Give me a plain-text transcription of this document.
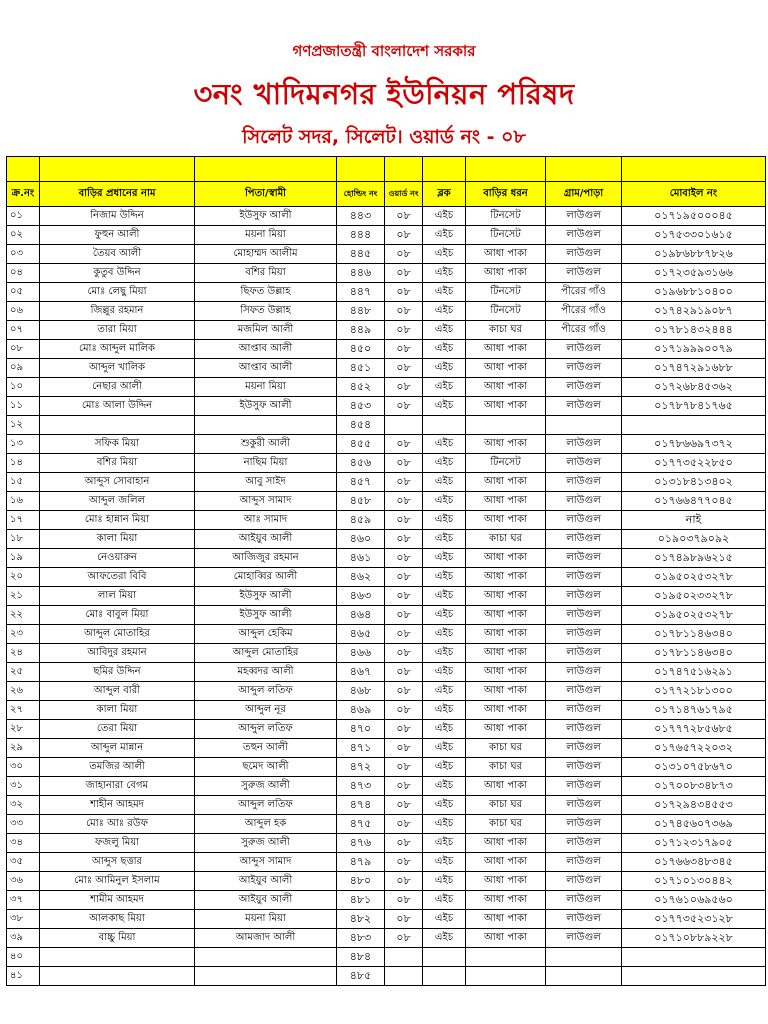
গণপ্রজাতন্ত্রী বাংলাদেশ সরকার
৩নং খাদিমনগর ইউনিয়ন পরিষদ
সিলেট সদর, সিলেট। ওয়ার্ড নং - ০৮

ক্র.নং	বাড়ির প্রধানের নাম	পিতা/স্বামী	হোল্ডিং নং	ওয়ার্ড নং	ব্লক	বাড়ির ধরন	গ্রাম/পাড়া	মোবাইল নং
০১	নিজাম উদ্দিন	ইউসুফ আলী	৪৪৩	০৮	এইচ	টিনসেট	লাউগুল	০১৭১৯৫০০০৪৫
০২	ফুহুন আলী	ময়না মিয়া	৪৪৪	০৮	এইচ	টিনসেট	লাউগুল	০১৭৫৩৩০১৬১৫
০৩	তৈয়ব আলী	মোহাম্মদ আলীম	৪৪৫	০৮	এইচ	আধা পাকা	লাউগুল	০১৯৮৬৮৮৭৮২৬
০৪	কুতুব উদ্দিন	বশির মিয়া	৪৪৬	০৮	এইচ	আধা পাকা	লাউগুল	০১৭২৩৫৯৩১৬৬
০৫	মোঃ লেছু মিয়া	ছিফত উল্লাহ	৪৪৭	০৮	এইচ	টিনসেট	পীরের গাঁও	০১৯৬৮৮১০৪০০
০৬	জিল্লুর রহমান	সিফত উল্লাহ	৪৪৮	০৮	এইচ	টিনসেট	পীরের গাঁও	০১৭৪২৯১৯০৮৭
০৭	তারা মিয়া	মজমিল আলী	৪৪৯	০৮	এইচ	কাচা ঘর	পীরের গাঁও	০১৭৮১৪৩২৪৪৪
০৮	মোঃ আব্দুল মালিক	আপ্তাব আলী	৪৫০	০৮	এইচ	আধা পাকা	লাউগুল	০১৭১৯৯৯০০৭৯
০৯	আব্দুল খালিক	আপ্তাব আলী	৪৫১	০৮	এইচ	আধা পাকা	লাউগুল	০১৭৪৭২৯১৬৮৮
১০	নেছার আলী	ময়না মিয়া	৪৫২	০৮	এইচ	আধা পাকা	লাউগুল	০১৭২৬৮৪৫৩৬২
১১	মোঃ আলা উদ্দিন	ইউসুফ আলী	৪৫৩	০৮	এইচ	আধা পাকা	লাউগুল	০১৭৮৭৮৪১৭৬৫
১২			৪৫৪					
১৩	সফিক মিয়া	শুকুরী আলী	৪৫৫	০৮	এইচ	আধা পাকা	লাউগুল	০১৭৮৬৬৯৭৩৭২
১৪	বশির মিয়া	নাছিম মিয়া	৪৫৬	০৮	এইচ	টিনসেট	লাউগুল	০১৭৭৩৫২২৮৫০
১৫	আব্দুস সোবাহান	আবু সাইদ	৪৫৭	০৮	এইচ	আধা পাকা	লাউগুল	০১৩১৮৪১৩৪০২
১৬	আব্দুল জলিল	আব্দুস সামাদ	৪৫৮	০৮	এইচ	আধা পাকা	লাউগুল	০১৭৬৬৪৭৭০৪৫
১৭	মোঃ হান্নান মিয়া	আঃ সামাদ	৪৫৯	০৮	এইচ	আধা পাকা	লাউগুল	নাই
১৮	কালা মিয়া	আইয়ুব আলী	৪৬০	০৮	এইচ	কাচা ঘর	লাউগুল	০১৯০৩৭৯০৯২
১৯	নেওয়ারুন	আজিজুর রহমান	৪৬১	০৮	এইচ	আধা পাকা	লাউগুল	০১৭৪৯৮৯৬২১৫
২০	আফতেরা বিবি	মোহাব্বির আলী	৪৬২	০৮	এইচ	আধা পাকা	লাউগুল	০১৯৫০২৫৩২৭৮
২১	লাল মিয়া	ইউসুফ আলী	৪৬৩	০৮	এইচ	আধা পাকা	লাউগুল	০১৯৫০২৩৩২৭৮
২২	মোঃ বাবুল মিয়া	ইউসুফ আলী	৪৬৪	০৮	এইচ	আধা পাকা	লাউগুল	০১৯৫০২৫৩২৭৮
২৩	আব্দুল মোতাহির	আব্দুল হেকিম	৪৬৫	০৮	এইচ	আধা পাকা	লাউগুল	০১৭৮১১৪৬৩৪০
২৪	আবিদুর রহমান	আব্দুল মোতাহির	৪৬৬	০৮	এইচ	আধা পাকা	লাউগুল	০১৭৮১১৪৬৩৪০
২৫	ছমির উদ্দিন	মহব্বদর আলী	৪৬৭	০৮	এইচ	আধা পাকা	লাউগুল	০১৭৪৭৫১৬২৯১
২৬	আব্দুল বারী	আব্দুল লতিফ	৪৬৮	০৮	এইচ	আধা পাকা	লাউগুল	০১৭৭২১৮১৩০০
২৭	কালা মিয়া	আব্দুল নূর	৪৬৯	০৮	এইচ	আধা পাকা	লাউগুল	০১৭১৪৭৬১৭৯৫
২৮	তেরা মিয়া	আব্দুল লতিফ	৪৭০	০৮	এইচ	আধা পাকা	লাউগুল	০১৭৭৭২৮৫৬৮৫
২৯	আব্দুল মান্নান	তহুন আলী	৪৭১	০৮	এইচ	কাচা ঘর	লাউগুল	০১৭৬৫৭২২০৩২
৩০	তমজির আলী	ছমেদ আলী	৪৭২	০৮	এইচ	কাচা ঘর	লাউগুল	০১৩১০৭৫৮৬৭০
৩১	জাহানারা বেগম	সুরুজ আলী	৪৭৩	০৮	এইচ	আধা পাকা	লাউগুল	০১৭০০৮৩৪৮৭৩
৩২	শাহীন আহমদ	আব্দুল লতিফ	৪৭৪	০৮	এইচ	কাচা ঘর	লাউগুল	০১৭২৯৪৩৪৫৫৩
৩৩	মোঃ আঃ রউফ	আব্দুল হক	৪৭৫	০৮	এইচ	কাচা ঘর	লাউগুল	০১৭৪৫৬০৭৩৬৯
৩৪	ফজলু মিয়া	সুরুজ আলী	৪৭৬	০৮	এইচ	আধা পাকা	লাউগুল	০১৭১২৩১৭৯০৫
৩৫	আব্দুস ছত্তার	আব্দুস সামাদ	৪৭৯	০৮	এইচ	আধা পাকা	লাউগুল	০১৭৬৬৩৪৮৩৪৫
৩৬	মোঃ আমিনুল ইসলাম	আইয়ুব আলী	৪৮০	০৮	এইচ	আধা পাকা	লাউগুল	০১৭১০১৩০৪৪২
৩৭	শামীম আহমদ	আইয়ুব আলী	৪৮১	০৮	এইচ	আধা পাকা	লাউগুল	০১৭৬১০৬৯৫৬০
৩৮	আলকাছ মিয়া	ময়না মিয়া	৪৮২	০৮	এইচ	আধা পাকা	লাউগুল	০১৭৭৩৫২৩১২৮
৩৯	বাচ্চু মিয়া	আমজাদ আলী	৪৮৩	০৮	এইচ	আধা পাকা	লাউগুল	০১৭১০৮৮৯২২৮
৪০			৪৮৪					
৪১			৪৮৫					
